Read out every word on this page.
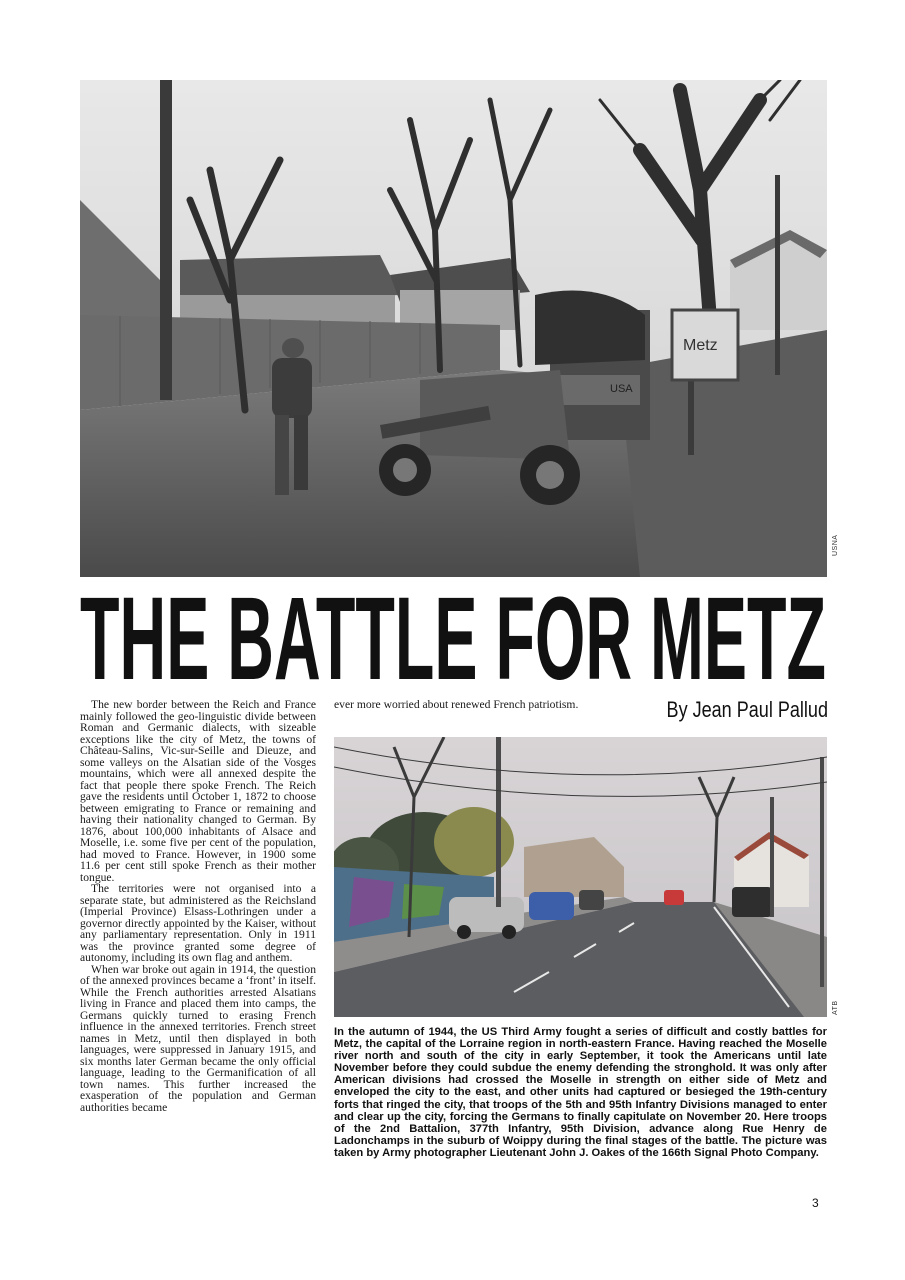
USA
Metz
USNA
THE BATTLE FOR METZ
By Jean Paul Pallud

The new border between the Reich and France mainly followed the geo-linguistic divide between Roman and Germanic dialects, with sizeable exceptions like the city of Metz, the towns of Château-Salins, Vic-sur-Seille and Dieuze, and some valleys on the Alsatian side of the Vosges mountains, which were all annexed despite the fact that people there spoke French. The Reich gave the residents until October 1, 1872 to choose between emigrating to France or remaining and having their nationality changed to German. By 1876, about 100,000 inhabitants of Alsace and Moselle, i.e. some five per cent of the population, had moved to France. However, in 1900 some 11.6 per cent still spoke French as their mother tongue.

The territories were not organised into a separate state, but administered as the Reichsland (Imperial Province) Elsass-Lothringen under a governor directly appointed by the Kaiser, without any parliamentary representation. Only in 1911 was the province granted some degree of autonomy, including its own flag and anthem.

When war broke out again in 1914, the question of the annexed provinces became a ‘front’ in itself. While the French authorities arrested Alsatians living in France and placed them into camps, the Germans quickly turned to erasing French influence in the annexed territories. French street names in Metz, until then displayed in both languages, were suppressed in January 1915, and six months later German became the only official language, leading to the Germanification of all town names. This further increased the exasperation of the population and German authorities became

ever more worried about renewed French patriotism.

ATB
In the autumn of 1944, the US Third Army fought a series of difficult and costly battles for Metz, the capital of the Lorraine region in north-eastern France. Having reached the Moselle river north and south of the city in early September, it took the Americans until late November before they could subdue the enemy defending the stronghold. It was only after American divisions had crossed the Moselle in strength on either side of Metz and enveloped the city to the east, and other units had captured or besieged the 19th-century forts that ringed the city, that troops of the 5th and 95th Infantry Divisions managed to enter and clear up the city, forcing the Germans to finally capitulate on November 20. Here troops of the 2nd Battalion, 377th Infantry, 95th Division, advance along Rue Henry de Ladonchamps in the suburb of Woippy during the final stages of the battle. The picture was taken by Army photographer Lieutenant John J. Oakes of the 166th Signal Photo Company.
3
